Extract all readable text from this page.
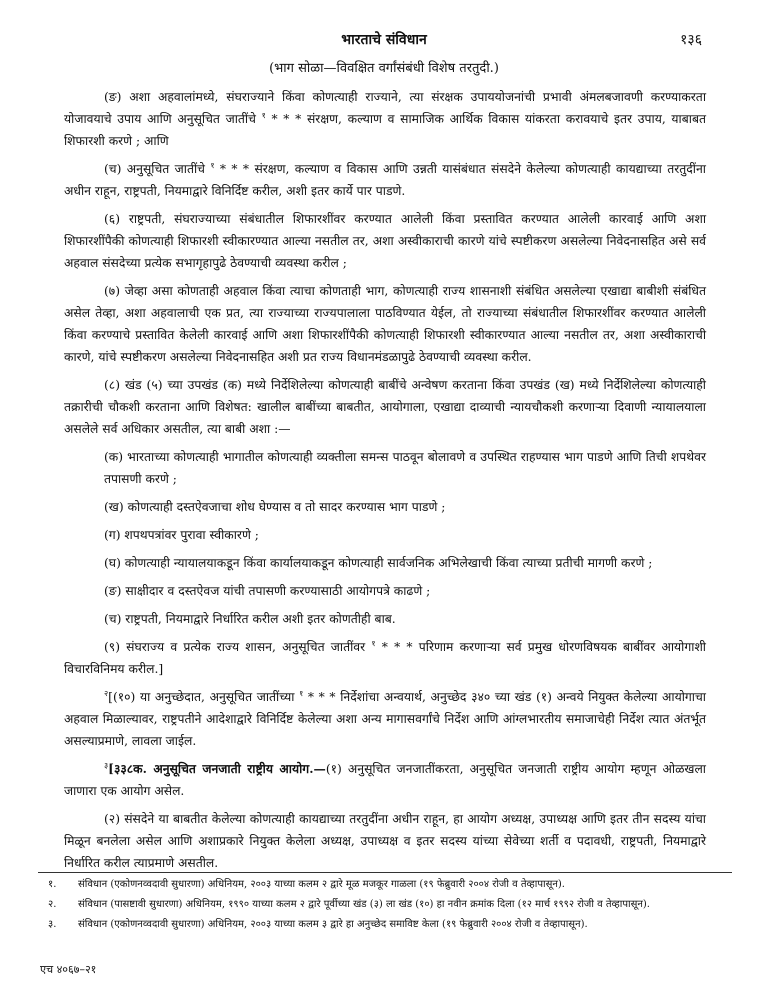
भारताचे संविधान	१३६
(भाग सोळा—विवक्षित वर्गांसंबंधी विशेष तरतुदी.)

(ङ) अशा अहवालांमध्ये, संघराज्याने किंवा कोणत्याही राज्याने, त्या संरक्षक उपाययोजनांची प्रभावी अंमलबजावणी करण्याकरता योजावयाचे उपाय आणि अनुसूचित जातींचे $^१$ * * * संरक्षण, कल्याण व सामाजिक आर्थिक विकास यांकरता करावयाचे इतर उपाय, याबाबत शिफारशी करणे ; आणि

(च) अनुसूचित जातींचे $^१$ * * * संरक्षण, कल्याण व विकास आणि उन्नती यासंबंधात संसदेने केलेल्या कोणत्याही कायद्याच्या तरतुदींना अधीन राहून, राष्ट्रपती, नियमाद्वारे विनिर्दिष्ट करील, अशी इतर कार्ये पार पाडणे.

(६) राष्ट्रपती, संघराज्याच्या संबंधातील शिफारशींवर करण्यात आलेली किंवा प्रस्तावित करण्यात आलेली कारवाई आणि अशा शिफारशींपैकी कोणत्याही शिफारशी स्वीकारण्यात आल्या नसतील तर, अशा अस्वीकाराची कारणे यांचे स्पष्टीकरण असलेल्या निवेदनासहित असे सर्व अहवाल संसदेच्या प्रत्येक सभागृहापुढे ठेवण्याची व्यवस्था करील ;

(७) जेव्हा असा कोणताही अहवाल किंवा त्याचा कोणताही भाग, कोणत्याही राज्य शासनाशी संबंधित असलेल्या एखाद्या बाबीशी संबंधित असेल तेव्हा, अशा अहवालाची एक प्रत, त्या राज्याच्या राज्यपालाला पाठविण्यात येईल, तो राज्याच्या संबंधातील शिफारशींवर करण्यात आलेली किंवा करण्याचे प्रस्तावित केलेली कारवाई आणि अशा शिफारशींपैकी कोणत्याही शिफारशी स्वीकारण्यात आल्या नसतील तर, अशा अस्वीकाराची कारणे, यांचे स्पष्टीकरण असलेल्या निवेदनासहित अशी प्रत राज्य विधानमंडळापुढे ठेवण्याची व्यवस्था करील.

(८) खंड (५) च्या उपखंड (क) मध्ये निर्देशिलेल्या कोणत्याही बाबींचे अन्वेषण करताना किंवा उपखंड (ख) मध्ये निर्देशिलेल्या कोणत्याही तक्रारीची चौकशी करताना आणि विशेषत: खालील बाबींच्या बाबतीत, आयोगाला, एखाद्या दाव्याची न्यायचौकशी करणाऱ्या दिवाणी न्यायालयाला असलेले सर्व अधिकार असतील, त्या बाबी अशा :—

(क) भारताच्या कोणत्याही भागातील कोणत्याही व्यक्तीला समन्स पाठवून बोलावणे व उपस्थित राहण्यास भाग पाडणे आणि तिची शपथेवर तपासणी करणे ;

(ख) कोणत्याही दस्तऐवजाचा शोध घेण्यास व तो सादर करण्यास भाग पाडणे ;

(ग) शपथपत्रांवर पुरावा स्वीकारणे ;

(घ) कोणत्याही न्यायालयाकडून किंवा कार्यालयाकडून कोणत्याही सार्वजनिक अभिलेखाची किंवा त्याच्या प्रतीची मागणी करणे ;

(ङ) साक्षीदार व दस्तऐवज यांची तपासणी करण्यासाठी आयोगपत्रे काढणे ;

(च) राष्ट्रपती, नियमाद्वारे निर्धारित करील अशी इतर कोणतीही बाब.

(९) संघराज्य व प्रत्येक राज्य शासन, अनुसूचित जातींवर $^१$ * * * परिणाम करणाऱ्या सर्व प्रमुख धोरणविषयक बाबींवर आयोगाशी विचारविनिमय करील.]

$^२$[(१०) या अनुच्छेदात, अनुसूचित जातींच्या $^१$ * * * निर्देशांचा अन्वयार्थ, अनुच्छेद ३४० च्या खंड (१) अन्वये नियुक्त केलेल्या आयोगाचा अहवाल मिळाल्यावर, राष्ट्रपतीने आदेशाद्वारे विनिर्दिष्ट केलेल्या अशा अन्य मागासवर्गांचे निर्देश आणि आंग्लभारतीय समाजाचेही निर्देश त्यात अंतर्भूत असल्याप्रमाणे, लावला जाईल.

$^३$[३३८क. अनुसूचित जनजाती राष्ट्रीय आयोग.—(१) अनुसूचित जनजातींकरता, अनुसूचित जनजाती राष्ट्रीय आयोग म्हणून ओळखला जाणारा एक आयोग असेल.

(२) संसदेने या बाबतीत केलेल्या कोणत्याही कायद्याच्या तरतुदींना अधीन राहून, हा आयोग अध्यक्ष, उपाध्यक्ष आणि इतर तीन सदस्य यांचा मिळून बनलेला असेल आणि अशाप्रकारे नियुक्त केलेला अध्यक्ष, उपाध्यक्ष व इतर सदस्य यांच्या सेवेच्या शर्ती व पदावधी, राष्ट्रपती, नियमाद्वारे निर्धारित करील त्याप्रमाणे असतील.

१.	संविधान (एकोणनव्वदावी सुधारणा) अधिनियम, २००३ याच्या कलम २ द्वारे मूळ मजकूर गाळला (१९ फेब्रुवारी २००४ रोजी व तेव्हापासून).
२.	संविधान (पासष्टावी सुधारणा) अधिनियम, १९९० याच्या कलम २ द्वारे पूर्वीच्या खंड (३) ला खंड (१०) हा नवीन क्रमांक दिला (१२ मार्च १९९२ रोजी व तेव्हापासून).
३.	संविधान (एकोणनव्वदावी सुधारणा) अधिनियम, २००३ याच्या कलम ३ द्वारे हा अनुच्छेद समाविष्ट केला (१९ फेब्रुवारी २००४ रोजी व तेव्हापासून).
एच ४०६७–२१
